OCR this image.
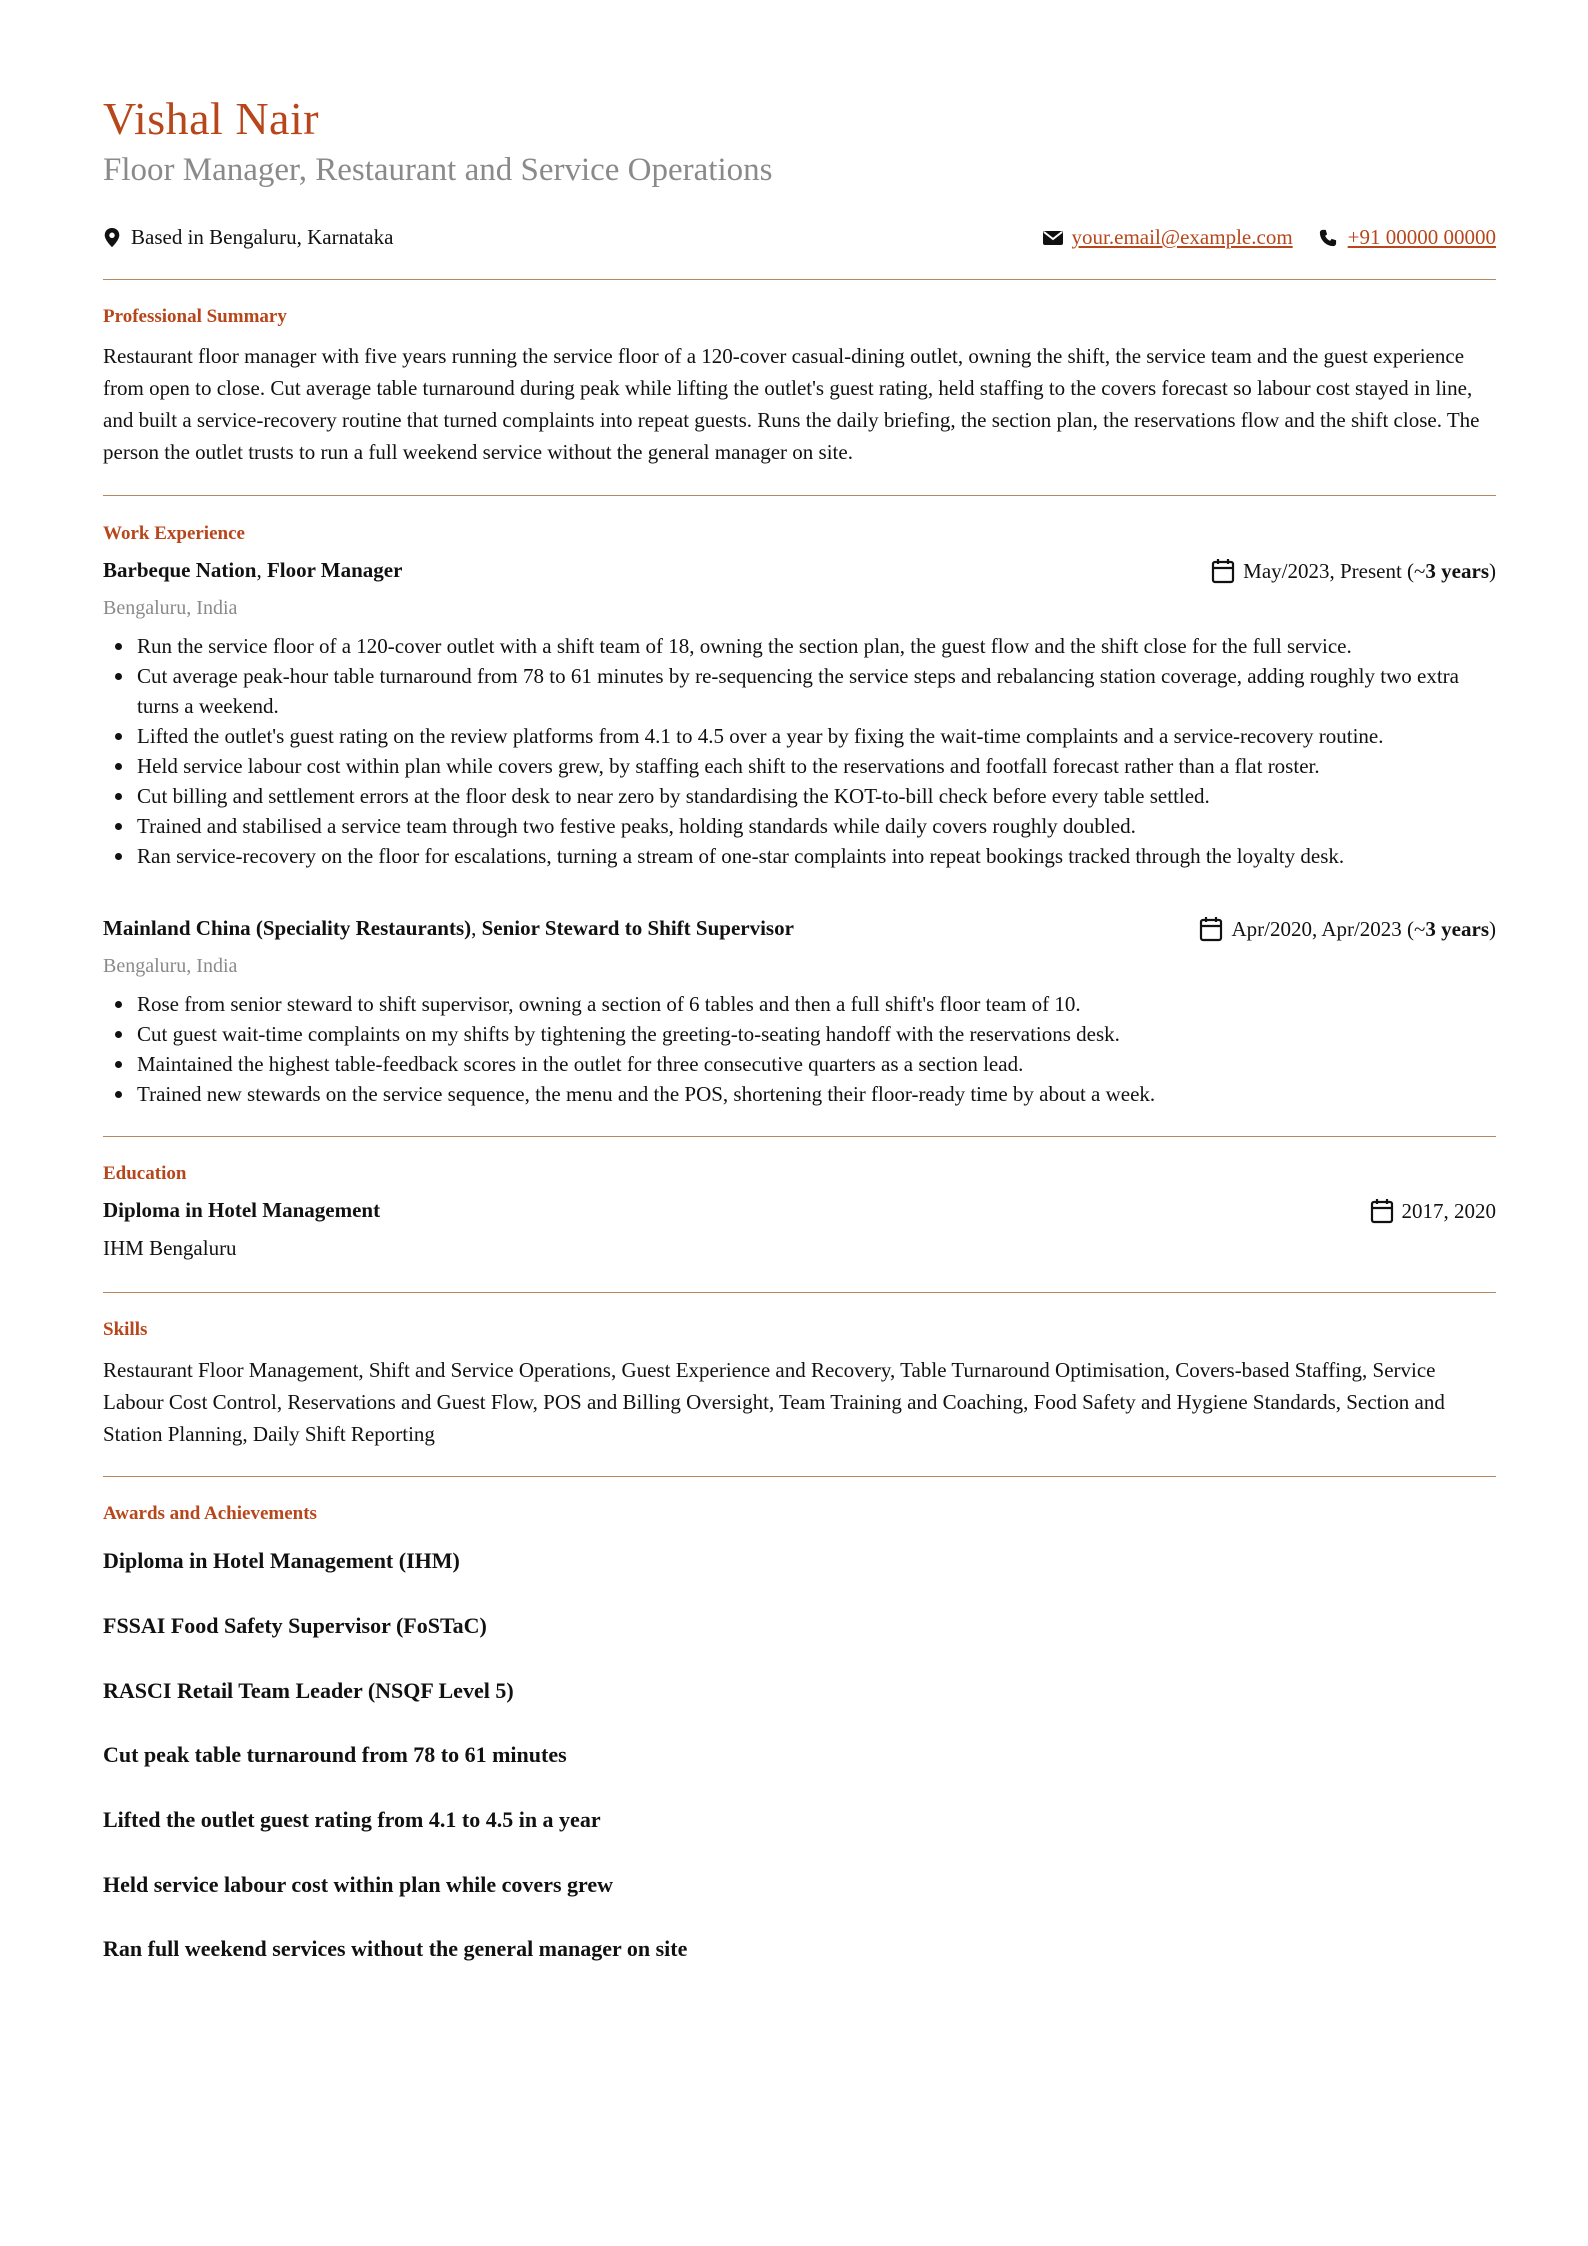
Vishal Nair
Floor Manager, Restaurant and Service Operations
Based in Bengaluru, Karnataka	your.email@example.com	+91 00000 00000
Professional Summary
Restaurant floor manager with five years running the service floor of a 120-cover casual-dining outlet, owning the shift, the service team and the guest experience from open to close. Cut average table turnaround during peak while lifting the outlet's guest rating, held staffing to the covers forecast so labour cost stayed in line, and built a service-recovery routine that turned complaints into repeat guests. Runs the daily briefing, the section plan, the reservations flow and the shift close. The person the outlet trusts to run a full weekend service without the general manager on site.
Work Experience
Barbeque Nation, Floor Manager	May/2023, Present (~ 3 years )
Bengaluru, India
Run the service floor of a 120-cover outlet with a shift team of 18, owning the section plan, the guest flow and the shift close for the full service.
Cut average peak-hour table turnaround from 78 to 61 minutes by re-sequencing the service steps and rebalancing station coverage, adding roughly two extra turns a weekend.
Lifted the outlet's guest rating on the review platforms from 4.1 to 4.5 over a year by fixing the wait-time complaints and a service-recovery routine.
Held service labour cost within plan while covers grew, by staffing each shift to the reservations and footfall forecast rather than a flat roster.
Cut billing and settlement errors at the floor desk to near zero by standardising the KOT-to-bill check before every table settled.
Trained and stabilised a service team through two festive peaks, holding standards while daily covers roughly doubled.
Ran service-recovery on the floor for escalations, turning a stream of one-star complaints into repeat bookings tracked through the loyalty desk.
Mainland China (Speciality Restaurants), Senior Steward to Shift Supervisor	Apr/2020, Apr/2023 (~ 3 years )
Bengaluru, India
Rose from senior steward to shift supervisor, owning a section of 6 tables and then a full shift's floor team of 10.
Cut guest wait-time complaints on my shifts by tightening the greeting-to-seating handoff with the reservations desk.
Maintained the highest table-feedback scores in the outlet for three consecutive quarters as a section lead.
Trained new stewards on the service sequence, the menu and the POS, shortening their floor-ready time by about a week.
Education
Diploma in Hotel Management	2017, 2020
IHM Bengaluru
Skills
Restaurant Floor Management, Shift and Service Operations, Guest Experience and Recovery, Table Turnaround Optimisation, Covers-based Staffing, Service Labour Cost Control, Reservations and Guest Flow, POS and Billing Oversight, Team Training and Coaching, Food Safety and Hygiene Standards, Section and Station Planning, Daily Shift Reporting
Awards and Achievements
Diploma in Hotel Management (IHM)
FSSAI Food Safety Supervisor (FoSTaC)
RASCI Retail Team Leader (NSQF Level 5)
Cut peak table turnaround from 78 to 61 minutes
Lifted the outlet guest rating from 4.1 to 4.5 in a year
Held service labour cost within plan while covers grew
Ran full weekend services without the general manager on site
